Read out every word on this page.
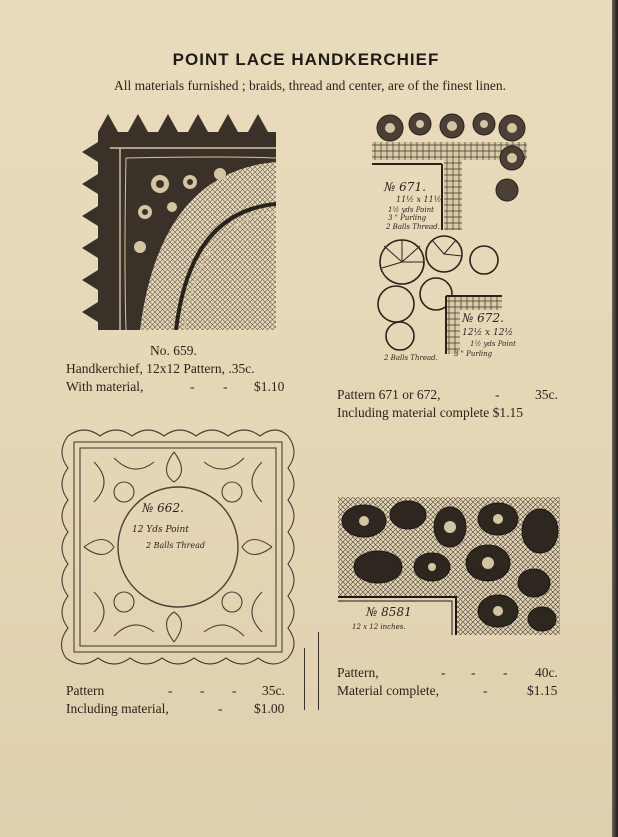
POINT LACE HANDKERCHIEF
All materials furnished ; braids, thread and center, are of the finest linen.
No. 659.
Handkerchief, 12x12 Pattern, .35c.
With material,	- - $1.10
№ 671.
11½ x 11½
1½ yds Point
3 " Purling
2 Balls Thread.
№ 672.
12½ x 12½
1½ yds Point
3 " Purling
2 Balls Thread.
Pattern 671 or 672,	-	35c.
Including material complete $1.15
№ 662.
12 Yds Point
2 Balls Thread
Pattern	- - - 35c.
Including material,	- $1.00
№ 8581
12 x 12 inches.
Pattern,	- - - 40c.
Material complete,	-	$1.15
